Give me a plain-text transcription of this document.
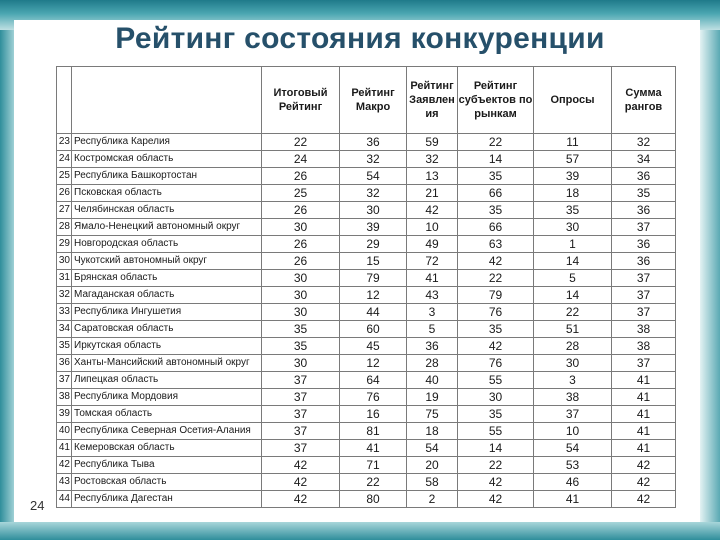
Рейтинг состояния конкуренции
		Итоговый Рейтинг	Рейтинг Макро	Рейтинг Заявлен ия	Рейтинг субъектов по рынкам	Опросы	Сумма рангов
23	Республика Карелия	22	36	59	22	11	32
24	Костромская область	24	32	32	14	57	34
25	Республика Башкортостан	26	54	13	35	39	36
26	Псковская область	25	32	21	66	18	35
27	Челябинская область	26	30	42	35	35	36
28	Ямало-Ненецкий автономный округ	30	39	10	66	30	37
29	Новгородская область	26	29	49	63	1	36
30	Чукотский автономный округ	26	15	72	42	14	36
31	Брянская область	30	79	41	22	5	37
32	Магаданская область	30	12	43	79	14	37
33	Республика Ингушетия	30	44	3	76	22	37
34	Саратовская область	35	60	5	35	51	38
35	Иркутская область	35	45	36	42	28	38
36	Ханты-Мансийский автономный округ	30	12	28	76	30	37
37	Липецкая область	37	64	40	55	3	41
38	Республика Мордовия	37	76	19	30	38	41
39	Томская область	37	16	75	35	37	41
40	Республика Северная Осетия-Алания	37	81	18	55	10	41
41	Кемеровская область	37	41	54	14	54	41
42	Республика Тыва	42	71	20	22	53	42
43	Ростовская область	42	22	58	42	46	42
44	Республика Дагестан	42	80	2	42	41	42
24
